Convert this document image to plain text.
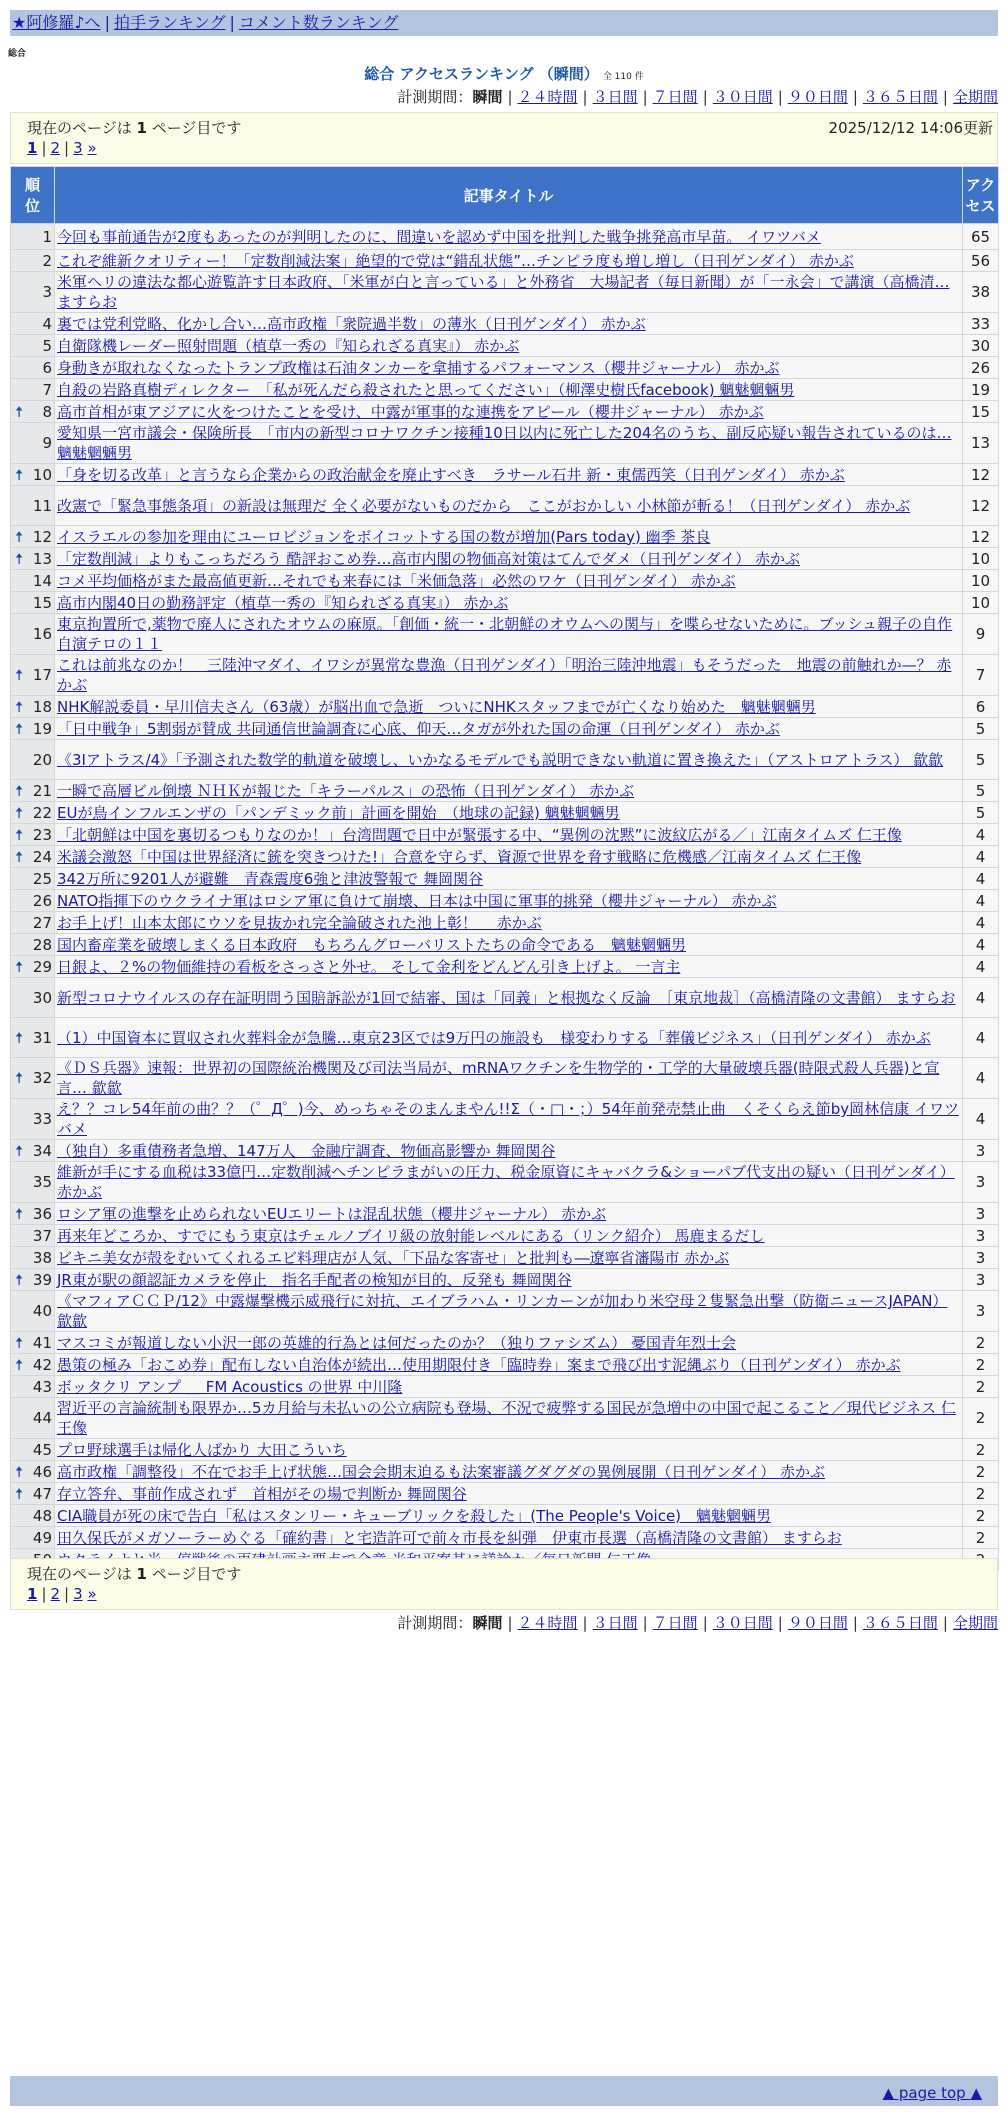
★阿修羅♪へ | 拍手ランキング | コメント数ランキング
総合
総合 アクセスランキング （瞬間） 全 110 件
計測期間：瞬間 | ２４時間 | ３日間 | ７日間 | ３０日間 | ９０日間 | ３６５日間 | 全期間
現在のページは 1 ページ目です	2025/12/12 14:06更新
1 | 2 | 3 »
順位	記事タイトル	アクセス
1	今回も事前通告が2度もあったのが判明したのに、間違いを認めず中国を批判した戦争挑発高市早苗。 イワツバメ	65
2	これぞ維新クオリティー！「定数削減法案」絶望的で党は“錯乱状態”…チンピラ度も増し増し（日刊ゲンダイ） 赤かぶ	56
3	米軍ヘリの違法な都心遊覧許す日本政府、「米軍が白と言っている」と外務省　大場記者（毎日新聞）が「一永会」で講演（高橋清… ますらお	38
4	裏では党利党略、化かし合い…高市政権「衆院過半数」の薄氷（日刊ゲンダイ） 赤かぶ	33
5	自衛隊機レーダー照射問題（植草一秀の『知られざる真実』） 赤かぶ	30
6	身動きが取れなくなったトランプ政権は石油タンカーを拿捕するパフォーマンス（櫻井ジャーナル） 赤かぶ	26
7	自殺の岩路真樹ディレクター　「私が死んだら殺されたと思ってください」（柳澤史樹氏facebook) 魑魅魍魎男	19

🠅 8	高市首相が東アジアに火をつけたことを受け、中露が軍事的な連携をアピール（櫻井ジャーナル） 赤かぶ	15
9	愛知県一宮市議会・保険所長　「市内の新型コロナワクチン接種10日以内に死亡した204名のうち、副反応疑い報告されているのは… 魑魅魍魎男	13

🠅 10	「身を切る改革」と言うなら企業からの政治献金を廃止すべき　ラサール石井 新・東儒西笑（日刊ゲンダイ） 赤かぶ	12
11	改憲で「緊急事態条項」の新設は無理だ 全く必要がないものだから　ここがおかしい 小林節が斬る！（日刊ゲンダイ） 赤かぶ	12

🠅 12	イスラエルの参加を理由にユーロビジョンをボイコットする国の数が増加(Pars today) 幽季 茶良	12

🠅 13	「定数削減」よりもこっちだろう 酷評おこめ券…高市内閣の物価高対策はてんでダメ（日刊ゲンダイ） 赤かぶ	10
14	コメ平均価格がまた最高値更新…それでも来春には「米価急落」必然のワケ（日刊ゲンダイ） 赤かぶ	10
15	高市内閣40日の勤務評定（植草一秀の『知られざる真実』） 赤かぶ	10
16	東京拘置所で,薬物で廃人にされたオウムの麻原。「創価・統一・北朝鮮のオウムへの関与」を喋らせないために。ブッシュ親子の自作自演テロの１１	9

🠅 17	これは前兆なのか！　三陸沖マダイ、イワシが異常な豊漁（日刊ゲンダイ）「明治三陸沖地震」もそうだった　地震の前触れか—？ 赤かぶ	7

🠅 18	NHK解説委員・早川信夫さん（63歳）が脳出血で急逝　ついにNHKスタッフまでが亡くなり始めた　魑魅魍魎男	6

🠅 19	「日中戦争」5割弱が賛成 共同通信世論調査に心底、仰天…タガが外れた国の命運（日刊ゲンダイ） 赤かぶ	5
20	《3Iアトラス/4》「予測された数学的軌道を破壊し、いかなるモデルでも説明できない軌道に置き換えた」（アストロアトラス） 歙歙	5

🠅 21	一瞬で高層ビル倒壊 ＮＨＫが報じた「キラーパルス」の恐怖（日刊ゲンダイ） 赤かぶ	5

🠅 22	EUが鳥インフルエンザの「パンデミック前」計画を開始　（地球の記録) 魑魅魍魎男	5

🠅 23	「北朝鮮は中国を裏切るつもりなのか！」台湾問題で日中が緊張する中、“異例の沈黙”に波紋広がる／」江南タイムズ 仁王像	4

🠅 24	米議会激怒「中国は世界経済に銃を突きつけた!」合意を守らず、資源で世界を脅す戦略に危機感／江南タイムズ 仁王像	4
25	342万所に9201人が避難　青森震度6強と津波警報で 舞岡関谷	4
26	NATO指揮下のウクライナ軍はロシア軍に負けて崩壊、日本は中国に軍事的挑発（櫻井ジャーナル） 赤かぶ	4
27	お手上げ！山本太郎にウソを見抜かれ完全論破された池上彰！　 赤かぶ	4
28	国内畜産業を破壊しまくる日本政府　もちろんグローバリストたちの命令である　魑魅魍魎男	4

🠅 29	日銀よ、２%の物価維持の看板をさっさと外せ。 そして金利をどんどん引き上げよ。 一言主	4
30	新型コロナウイルスの存在証明問う国賠訴訟が1回で結審、国は「同義」と根拠なく反論　［東京地裁］（高橋清隆の文書館） ますらお	4

🠅 31	（1）中国資本に買収され火葬料金が急騰…東京23区では9万円の施設も　様変わりする「葬儀ビジネス」（日刊ゲンダイ） 赤かぶ	4

🠅 32	《ＤＳ兵器》速報：世界初の国際統治機関及び司法当局が、mRNAワクチンを生物学的・工学的大量破壊兵器(時限式殺人兵器)と宣言… 歙歙	4
33	え？？コレ54年前の曲？？（゜Д゜)今、めっちゃそのまんまやん!!Σ（・□・；）54年前発売禁止曲　くそくらえ節by岡林信康 イワツバメ	4

🠅 34	（独自）多重債務者急増、147万人　金融庁調査、物価高影響か 舞岡関谷	3
35	維新が手にする血税は33億円…定数削減ヘチンピラまがいの圧力、税金原資にキャバクラ&ショーパブ代支出の疑い（日刊ゲンダイ） 赤かぶ	3

🠅 36	ロシア軍の進撃を止められないEUエリートは混乱状態（櫻井ジャーナル） 赤かぶ	3
37	再来年どころか、すでにもう東京はチェルノブイリ級の放射能レベルにある（リンク紹介） 馬鹿まるだし	3
38	ビキニ美女が殻をむいてくれるエビ料理店が人気、「下品な客寄せ」と批判も―遼寧省瀋陽市 赤かぶ	3

🠅 39	JR東が駅の顔認証カメラを停止　指名手配者の検知が目的、反発も 舞岡関谷	3
40	《マフィアＣＣＰ/12》中露爆撃機示威飛行に対抗、エイブラハム・リンカーンが加わり米空母２隻緊急出撃（防衛ニュースJAPAN） 歙歙	3

🠅 41	マスコミが報道しない小沢一郎の英雄的行為とは何だったのか？（独りファシズム） 憂国青年烈士会	2

🠅 42	愚策の極み「おこめ券」配布しない自治体が続出…使用期限付き「臨時券」案まで飛び出す泥縄ぶり（日刊ゲンダイ） 赤かぶ	2
43	ボッタクリ アンプ ＿ FM Acoustics の世界 中川隆	2
44	習近平の言論統制も限界か…5カ月給与未払いの公立病院も登場、不況で疲弊する国民が急増中の中国で起こること／現代ビジネス 仁王像	2
45	プロ野球選手は帰化人ばかり 大田こういち	2

🠅 46	高市政権「調整役」不在でお手上げ状態…国会会期末迫るも法案審議グダグダの異例展開（日刊ゲンダイ） 赤かぶ	2

🠅 47	存立答弁、事前作成されず　首相がその場で判断か 舞岡関谷	2
48	CIA職員が死の床で告白「私はスタンリー・キューブリックを殺した」(The People's Voice)　魑魅魍魎男	2
49	田久保氏がメガソーラーめぐる「確約書」と宅造許可で前々市長を糾弾　伊東市長選（高橋清隆の文書館） ますらお	2

現在のページは 1 ページ目です
1 | 2 | 3 »
計測期間：瞬間 | ２４時間 | ３日間 | ７日間 | ３０日間 | ９０日間 | ３６５日間 | 全期間
▲ page top ▲
